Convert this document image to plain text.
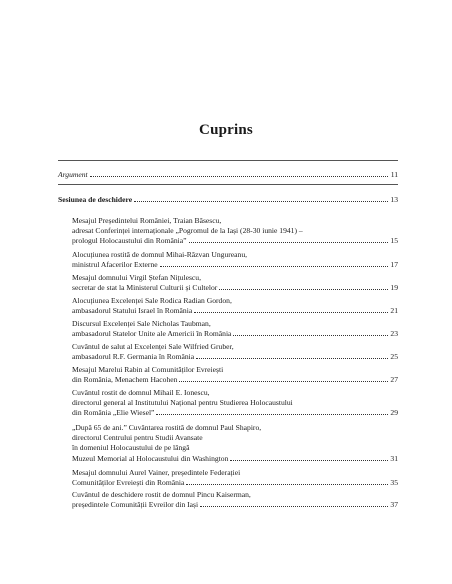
Cuprins
Argument	11
Sesiunea de deschidere	13
Mesajul Președintelui României, Traian Băsescu,
adresat Conferinței internaționale „Pogromul de la Iași (28-30 iunie 1941) –
prologul Holocaustului din România”	15
Alocuțiunea rostită de domnul Mihai-Răzvan Ungureanu,
ministrul Afacerilor Externe	17
Mesajul domnului Virgil Ștefan Nițulescu,
secretar de stat la Ministerul Culturii și Cultelor	19
Alocuțiunea Excelenței Sale Rodica Radian Gordon,
ambasadorul Statului Israel în România	21
Discursul Excelenței Sale Nicholas Taubman,
ambasadorul Statelor Unite ale Americii în România	23
Cuvântul de salut al Excelenței Sale Wilfried Gruber,
ambasadorul R.F. Germania în România	25
Mesajul Marelui Rabin al Comunităților Evreiești
din România, Menachem Hacohen	27
Cuvântul rostit de domnul Mihail E. Ionescu,
directorul general al Institutului Național pentru Studierea Holocaustului
din România „Elie Wiesel”	29
„După 65 de ani.” Cuvântarea rostită de domnul Paul Shapiro,
directorul Centrului pentru Studii Avansate
în domeniul Holocaustului de pe lângă
Muzeul Memorial al Holocaustului din Washington	31
Mesajul domnului Aurel Vainer, președintele Federației
Comunităților Evreiești din România	35
Cuvântul de deschidere rostit de domnul Pincu Kaiserman,
președintele Comunității Evreilor din Iași	37
